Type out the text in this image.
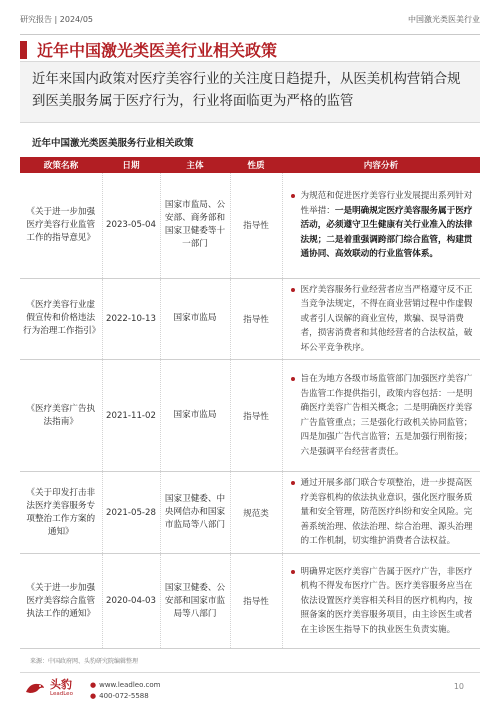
研究报告 | 2024/05	中国激光类医美行业
近年中国激光类医美行业相关政策
近年来国内政策对医疗美容行业的关注度日趋提升，从医美机构营销合规到医美服务属于医疗行为，行业将面临更为严格的监管
近年中国激光类医美服务行业相关政策
政策名称	日期	主体	性质	内容分析
《关于进一步加强医疗美容行业监管工作的指导意见》	2023-05-04	国家市监局、公安部、商务部和国家卫健委等十一部门	指导性	为规范和促进医疗美容行业发展提出系列针对性举措：一是明确规定医疗美容服务属于医疗活动，必须遵守卫生健康有关行业准入的法律法规；二是着重强调跨部门综合监管，构建贯通协同、高效联动的行业监管体系。

《医疗美容行业虚假宣传和价格违法行为治理工作指引》	2022-10-13	国家市监局	指导性	医疗美容服务行业经营者应当严格遵守反不正当竞争法规定，不得在商业营销过程中作虚假或者引人误解的商业宣传，欺骗、误导消费者，损害消费者和其他经营者的合法权益，破坏公平竞争秩序。

《医疗美容广告执法指南》	2021-11-02	国家市监局	指导性	旨在为地方各级市场监管部门加强医疗美容广告监管工作提供指引，政策内容包括：一是明确医疗美容广告相关概念；二是明确医疗美容广告监管重点；三是强化行政机关协同监管；四是加强广告代言监管；五是加强行刑衔接；六是强调平台经营者责任。

《关于印发打击非法医疗美容服务专项整治工作方案的通知》	2021-05-28	国家卫健委、中央网信办和国家市监局等八部门	规范类	通过开展多部门联合专项整治，进一步提高医疗美容机构的依法执业意识，强化医疗服务质量和安全管理，防范医疗纠纷和安全风险。完善系统治理、依法治理、综合治理、源头治理的工作机制，切实维护消费者合法权益。

《关于进一步加强医疗美容综合监管执法工作的通知》	2020-04-03	国家卫健委、公安部和国家市监局等八部门	指导性	明确界定医疗美容广告属于医疗广告，非医疗机构不得发布医疗广告。医疗美容服务应当在依法设置医疗美容相关科目的医疗机构内，按照备案的医疗美容服务项目，由主诊医生或者在主诊医生指导下的执业医生负责实施。
来源：中国政府网、头豹研究院编辑整理
头豹
LeadLeo
● www.leadleo.com
● 400-072-5588
10
